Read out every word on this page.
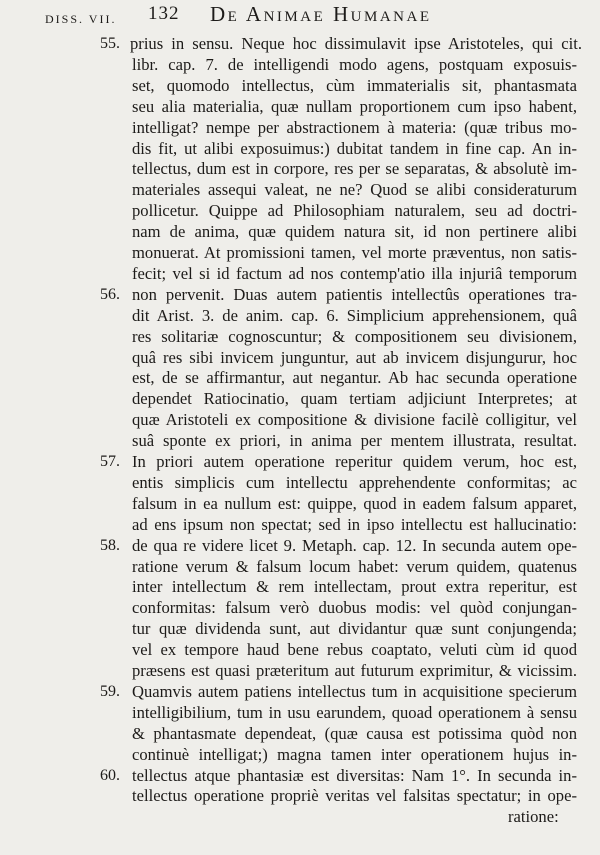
DISS. VII. 132 De Animae Humanae
55. prius in sensu. Neque hoc dissimulavit ipse Aristoteles, qui cit.
libr. cap. 7. de intelligendi modo agens, postquam exposuis-
set, quomodo intellectus, cùm immaterialis sit, phantasmata
seu alia materialia, quæ nullam proportionem cum ipso habent,
intelligat? nempe per abstractionem à materia: (quæ tribus mo-
dis fit, ut alibi exposuimus:) dubitat tandem in fine cap. An in-
tellectus, dum est in corpore, res per se separatas, & absolutè im-
materiales assequi valeat, ne ne? Quod se alibi consideraturum
pollicetur. Quippe ad Philosophiam naturalem, seu ad doctri-
nam de anima, quæ quidem natura sit, id non pertinere alibi
monuerat. At promissioni tamen, vel morte præventus, non satis-
fecit; vel si id factum ad nos contemp'atio illa injuriâ temporum
56. non pervenit. Duas autem patientis intellectûs operationes tra-
dit Arist. 3. de anim. cap. 6. Simplicium apprehensionem, quâ
res solitariæ cognoscuntur; & compositionem seu divisionem,
quâ res sibi invicem junguntur, aut ab invicem disjungurur, hoc
est, de se affirmantur, aut negantur. Ab hac secunda operatione
dependet Ratiocinatio, quam tertiam adjiciunt Interpretes; at
quæ Aristoteli ex compositione & divisione facilè colligitur, vel
suâ sponte ex priori, in anima per mentem illustrata, resultat.
57. In priori autem operatione reperitur quidem verum, hoc est,
entis simplicis cum intellectu apprehendente conformitas; ac
falsum in ea nullum est: quippe, quod in eadem falsum apparet,
ad ens ipsum non spectat; sed in ipso intellectu est hallucinatio:
58. de qua re videre licet 9. Metaph. cap. 12. In secunda autem ope-
ratione verum & falsum locum habet: verum quidem, quatenus
inter intellectum & rem intellectam, prout extra reperitur, est
conformitas: falsum verò duobus modis: vel quòd conjungan-
tur quæ dividenda sunt, aut dividantur quæ sunt conjungenda;
vel ex tempore haud bene rebus coaptato, veluti cùm id quod
præsens est quasi præteritum aut futurum exprimitur, & vicissim.
59. Quamvis autem patiens intellectus tum in acquisitione specierum
intelligibilium, tum in usu earundem, quoad operationem à sensu
& phantasmate dependeat, (quæ causa est potissima quòd non
continuè intelligat;) magna tamen inter operationem hujus in-
60. tellectus atque phantasiæ est diversitas: Nam 1°. In secunda in-
tellectus operatione propriè veritas vel falsitas spectatur; in ope-
ratione:
